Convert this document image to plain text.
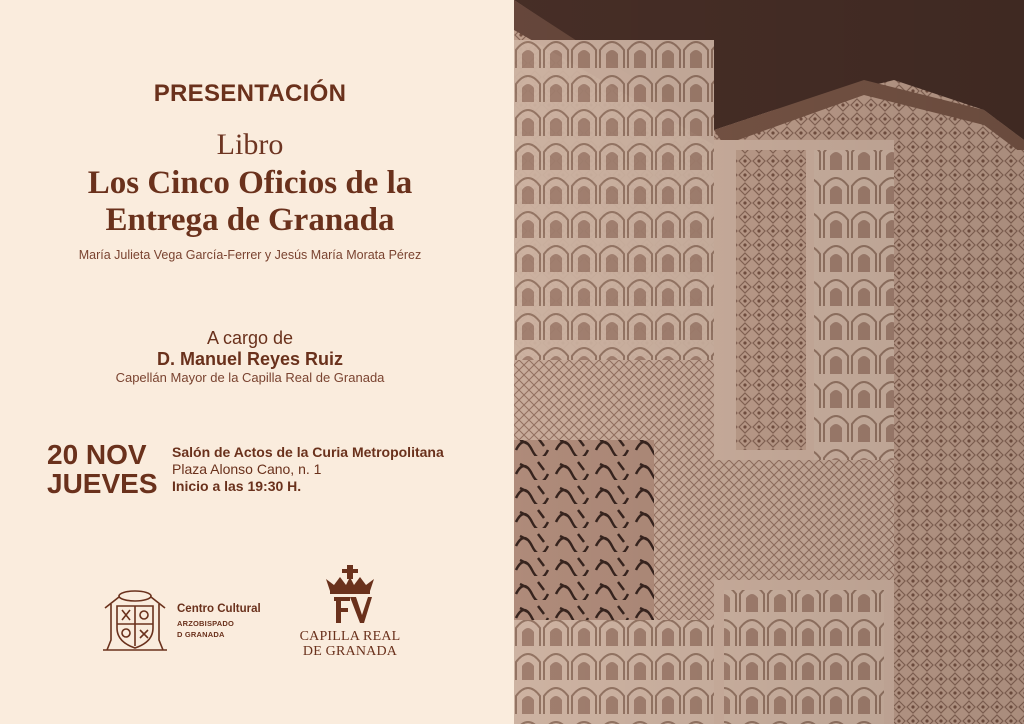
PRESENTACIÓN
Libro
Los Cinco Oficios de la
Entrega de Granada
María Julieta Vega García-Ferrer y Jesús María Morata Pérez
A cargo de
D. Manuel Reyes Ruiz
Capellán Mayor de la Capilla Real de Granada
20 NOV
JUEVES
Salón de Actos de la Curia Metropolitana
Plaza Alonso Cano, n. 1
Inicio a las 19:30 H.
Centro Cultural
ARZOBISPADO
D GRANADA	CAPILLA REAL
DE GRANADA
